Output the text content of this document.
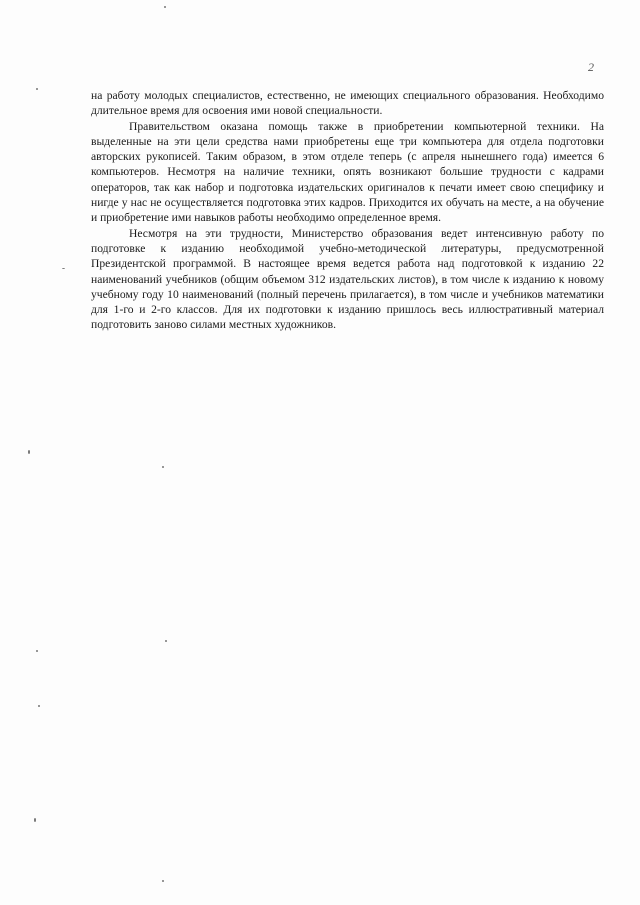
2

на работу молодых специалистов, естественно, не имеющих специального образования. Необходимо длительное время для освоения ими новой специальности.

Правительством оказана помощь также в приобретении компьютерной техники. На выделенные на эти цели средства нами приобретены еще три компьютера для отдела подготовки авторских рукописей. Таким образом, в этом отделе теперь (с апреля нынешнего года) имеется 6 компьютеров. Несмотря на наличие техники, опять возникают большие трудности с кадрами операторов, так как набор и подготовка издательских оригиналов к печати имеет свою специфику и нигде у нас не осуществляется подготовка этих кадров. Приходится их обучать на месте, а на обучение и приобретение ими навыков работы необходимо определенное время.

Несмотря на эти трудности, Министерство образования ведет интенсивную работу по подготовке к изданию необходимой учебно-методической литературы, предусмотренной Президентской программой. В настоящее время ведется работа над подготовкой к изданию 22 наименований учебников (общим объемом 312 издательских листов), в том числе к изданию к новому учебному году 10 наименований (полный перечень прилагается), в том числе и учебников математики для 1-го и 2-го классов. Для их подготовки к изданию пришлось весь иллюстративный материал подготовить заново силами местных художников.
